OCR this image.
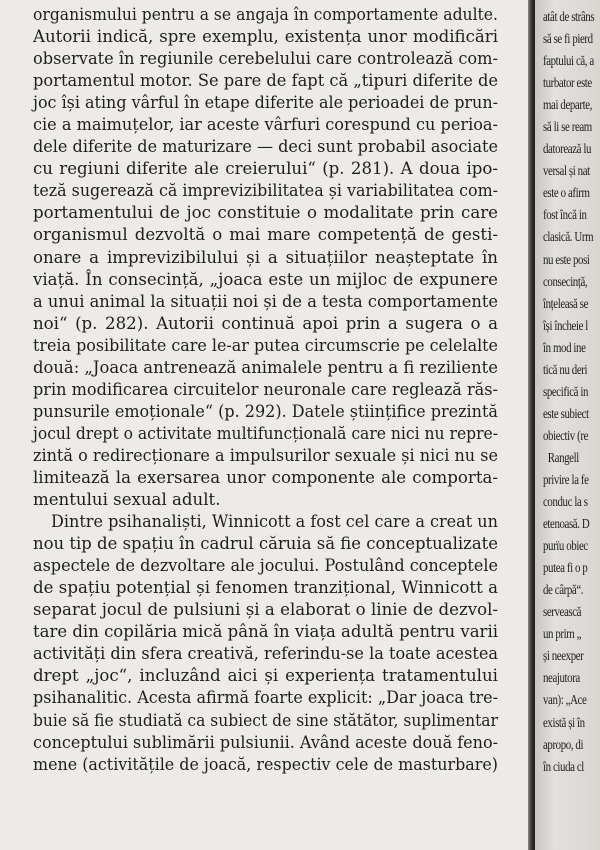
organismului pentru a se angaja în comportamente adulte.
Autorii indică, spre exemplu, existența unor modificări
observate în regiunile cerebelului care controlează com-
portamentul motor. Se pare de fapt că „tipuri diferite de
joc își ating vârful în etape diferite ale perioadei de prun-
cie a maimuțelor, iar aceste vârfuri corespund cu perioa-
dele diferite de maturizare — deci sunt probabil asociate
cu regiuni diferite ale creierului“ (p. 281). A doua ipo-
teză sugerează că imprevizibilitatea și variabilitatea com-
portamentului de joc constituie o modalitate prin care
organismul dezvoltă o mai mare competență de gesti-
onare a imprevizibilului și a situațiilor neașteptate în
viață. În consecință, „joaca este un mijloc de expunere
a unui animal la situații noi și de a testa comportamente
noi“ (p. 282). Autorii continuă apoi prin a sugera o a
treia posibilitate care le-ar putea circumscrie pe celelalte
două: „Joaca antrenează animalele pentru a fi reziliente
prin modificarea circuitelor neuronale care reglează răs-
punsurile emoționale“ (p. 292). Datele științifice prezintă
jocul drept o activitate multifuncțională care nici nu repre-
zintă o redirecționare a impulsurilor sexuale și nici nu se
limitează la exersarea unor componente ale comporta-
mentului sexual adult.
Dintre psihanaliști, Winnicott a fost cel care a creat un
nou tip de spațiu în cadrul căruia să fie conceptualizate
aspectele de dezvoltare ale jocului. Postulând conceptele
de spațiu potențial și fenomen tranzițional, Winnicott a
separat jocul de pulsiuni și a elaborat o linie de dezvol-
tare din copilăria mică până în viața adultă pentru varii
activități din sfera creativă, referindu-se la toate acestea
drept „joc“, incluzând aici și experiența tratamentului
psihanalitic. Acesta afirmă foarte explicit: „Dar joaca tre-
buie să fie studiată ca subiect de sine stătător, suplimentar
conceptului sublimării pulsiunii. Având aceste două feno-
mene (activitățile de joacă, respectiv cele de masturbare)
atât de strâns
să se fi pierd
faptului că, a
turbator este
mai departe,
să li se ream
datorează lu
versal și nat
este o afirm
fost încă in
clasică. Urm
nu este posi
consecință,
înțeleasă se
își încheie l
în mod ine
tică nu deri
specifică in
este subiect
obiectiv (re
Rangell
privire la fe
conduc la s
etenoasă. D
purïu obiec
putea fi o p
de cârpă“.
servească
un prim „
și neexper
neajutora
van): „Ace
există și în
apropo, di
în ciuda cl
